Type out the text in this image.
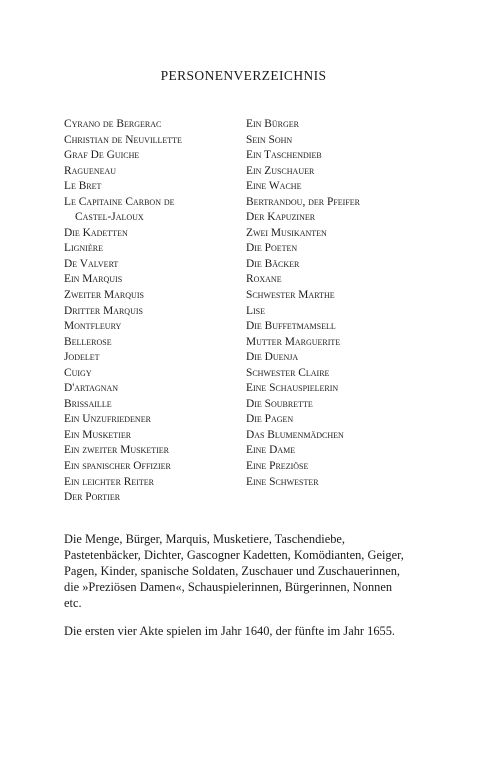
PERSONENVERZEICHNIS
Cyrano de Bergerac
Christian de Neuvillette
Graf De Guiche
Ragueneau
Le Bret
Le Capitaine Carbon de
Castel-Jaloux
Die Kadetten
Lignière
De Valvert
Ein Marquis
Zweiter Marquis
Dritter Marquis
Montfleury
Bellerose
Jodelet
Cuigy
D'artagnan
Brissaille
Ein Unzufriedener
Ein Musketier
Ein zweiter Musketier
Ein spanischer Offizier
Ein leichter Reiter
Der Portier
Ein Bürger
Sein Sohn
Ein Taschendieb
Ein Zuschauer
Eine Wache
Bertrandou, der Pfeifer
Der Kapuziner
Zwei Musikanten
Die Poeten
Die Bäcker
Roxane
Schwester Marthe
Lise
Die Buffetmamsell
Mutter Marguerite
Die Duenja
Schwester Claire
Eine Schauspielerin
Die Soubrette
Die Pagen
Das Blumenmädchen
Eine Dame
Eine Preziöse
Eine Schwester

Die Menge, Bürger, Marquis, Musketiere, Taschendiebe, Pastetenbäcker, Dichter, Gascogner Kadetten, Komödianten, Geiger, Pagen, Kinder, spanische Soldaten, Zuschauer und Zuschauerinnen, die »Preziösen Damen«, Schauspielerinnen, Bürgerinnen, Nonnen etc.

Die ersten vier Akte spielen im Jahr 1640, der fünfte im Jahr 1655.
